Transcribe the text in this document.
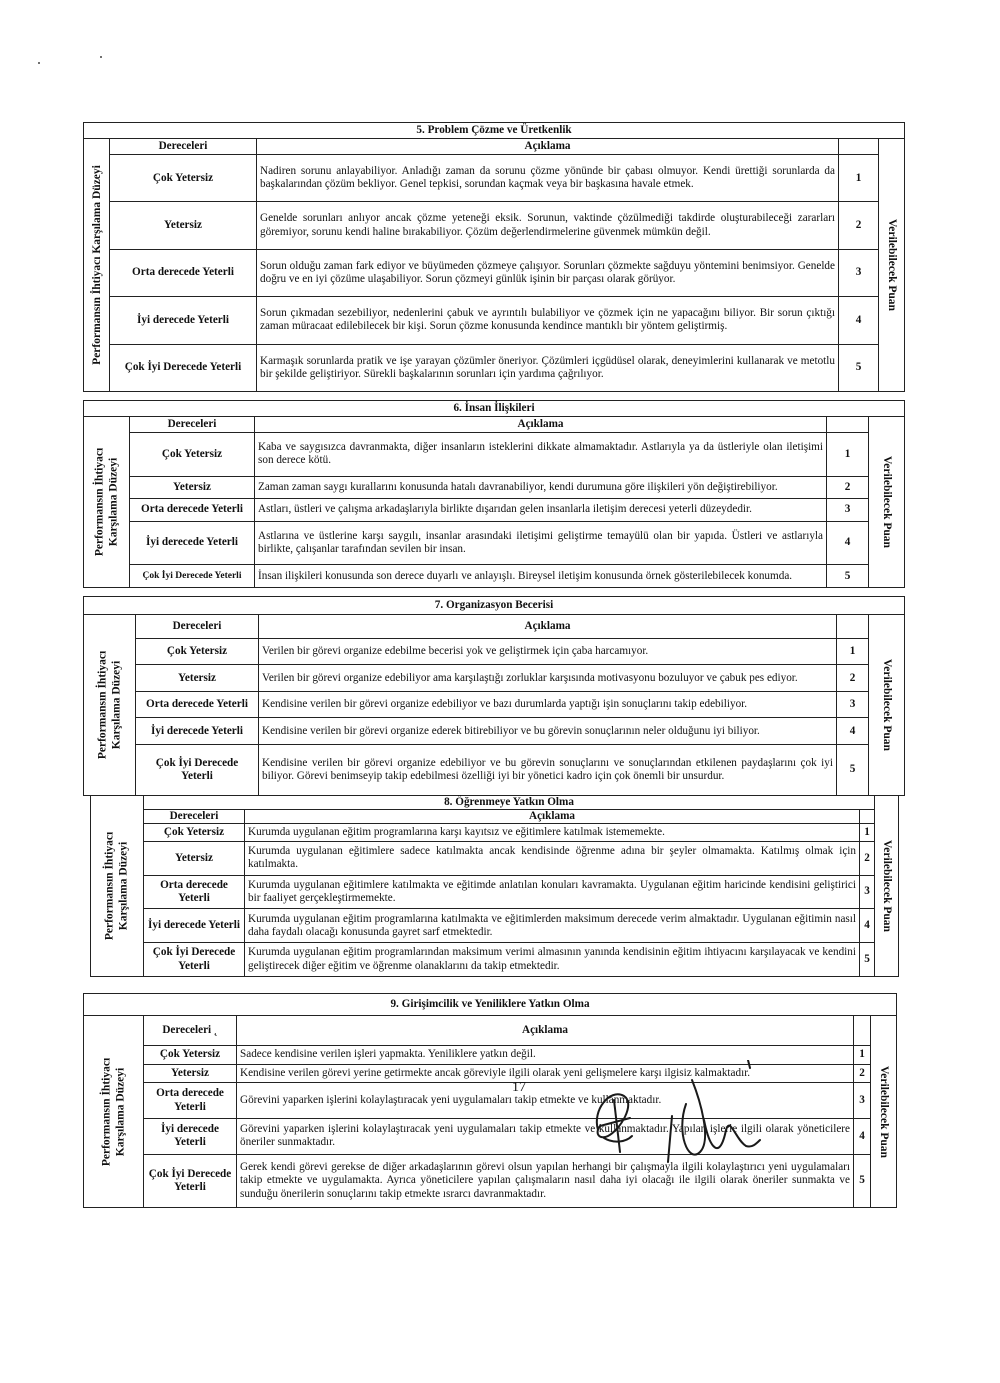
5. Problem Çözme ve Üretkenlik				

Performansın İhtiyacı Karşılama Düzeyi	Dereceleri	Açıklama		Verilebilecek Puan

	Çok Yetersiz	Nadiren sorunu anlayabiliyor. Anladığı zaman da sorunu çözme yönünde bir çabası olmuyor. Kendi ürettiği sorunlarda da başkalarından çözüm bekliyor. Genel tepkisi, sorundan kaçmak veya bir başkasına havale etmek.	1	
	Yetersiz	Genelde sorunları anlıyor ancak çözme yeteneği eksik. Sorunun, vaktinde çözülmediği takdirde oluşturabileceği zararları göremiyor, sorunu kendi haline bırakabiliyor. Çözüm değerlendirmelerine güvenmek mümkün değil.	2	
	Orta derecede Yeterli	Sorun olduğu zaman fark ediyor ve büyümeden çözmeye çalışıyor. Sorunları çözmekte sağduyu yöntemini benimsiyor. Genelde doğru ve en iyi çözüme ulaşabiliyor. Sorun çözmeyi günlük işinin bir parçası olarak görüyor.	3	
	İyi derecede Yeterli	Sorun çıkmadan sezebiliyor, nedenlerini çabuk ve ayrıntılı bulabiliyor ve çözmek için ne yapacağını biliyor. Bir sorun çıktığı zaman müracaat edilebilecek bir kişi. Sorun çözme konusunda kendince mantıklı bir yöntem geliştirmiş.	4	
	Çok İyi Derecede Yeterli	Karmaşık sorunlarda pratik ve işe yarayan çözümler öneriyor. Çözümleri içgüdüsel olarak, deneyimlerini kullanarak ve metotlu bir şekilde geliştiriyor. Sürekli başkalarının sorunları için yardıma çağrılıyor.	5	
6. İnsan İlişkileri				

Performansın İhtiyacı Karşılama Düzeyi	Dereceleri	Açıklama		Verilebilecek Puan

	Çok Yetersiz	Kaba ve saygısızca davranmakta, diğer insanların isteklerini dikkate almamaktadır. Astlarıyla ya da üstleriyle olan iletişimi son derece kötü.	1	
	Yetersiz	Zaman zaman saygı kurallarını konusunda hatalı davranabiliyor, kendi durumuna göre ilişkileri yön değiştirebiliyor.	2	
	Orta derecede Yeterli	Astları, üstleri ve çalışma arkadaşlarıyla birlikte dışarıdan gelen insanlarla iletişim derecesi yeterli düzeydedir.	3	
	İyi derecede Yeterli	Astlarına ve üstlerine karşı saygılı, insanlar arasındaki iletişimi geliştirme temayülü olan bir yapıda. Üstleri ve astlarıyla birlikte, çalışanlar tarafından sevilen bir insan.	4	
	Çok İyi Derecede Yeterli	İnsan ilişkileri konusunda son derece duyarlı ve anlayışlı. Bireysel iletişim konusunda örnek gösterilebilecek konumda.	5	
7. Organizasyon Becerisi				

Performansın İhtiyacı Karşılama Düzeyi	Dereceleri	Açıklama		Verilebilecek Puan

	Çok Yetersiz	Verilen bir görevi organize edebilme becerisi yok ve geliştirmek için çaba harcamıyor.	1	
	Yetersiz	Verilen bir görevi organize edebiliyor ama karşılaştığı zorluklar karşısında motivasyonu bozuluyor ve çabuk pes ediyor.	2	
	Orta derecede Yeterli	Kendisine verilen bir görevi organize edebiliyor ve bazı durumlarda yaptığı işin sonuçlarını takip edebiliyor.	3	
	İyi derecede Yeterli	Kendisine verilen bir görevi organize ederek bitirebiliyor ve bu görevin sonuçlarının neler olduğunu iyi biliyor.	4	
	Çok İyi Derecede Yeterli	Kendisine verilen bir görevi organize edebiliyor ve bu görevin sonuçlarını ve sonuçlarından etkilenen paydaşlarını çok iyi biliyor. Görevi benimseyip takip edebilmesi özelliği iyi bir yönetici kadro için çok önemli bir unsurdur.	5	
Performansın İhtiyacı Karşılama Düzeyi	8. Öğrenmeye Yatkın Olma			Verilebilecek Puan

	Dereceleri	Açıklama		
	Çok Yetersiz	Kurumda uygulanan eğitim programlarına karşı kayıtsız ve eğitimlere katılmak istememekte.	1	
	Yetersiz	Kurumda uygulanan eğitimlere sadece katılmakta ancak kendisinde öğrenme adına bir şeyler olmamakta. Katılmış olmak için katılmakta.	2	
	Orta derecede Yeterli	Kurumda uygulanan eğitimlere katılmakta ve eğitimde anlatılan konuları kavramakta. Uygulanan eğitim haricinde kendisini geliştirici bir faaliyet gerçekleştirmemekte.	3	
	İyi derecede Yeterli	Kurumda uygulanan eğitim programlarına katılmakta ve eğitimlerden maksimum derecede verim almaktadır. Uygulanan eğitimin nasıl daha faydalı olacağı konusunda gayret sarf etmektedir.	4	
	Çok İyi Derecede Yeterli	Kurumda uygulanan eğitim programlarından maksimum verimi almasının yanında kendisinin eğitim ihtiyacını karşılayacak ve kendini geliştirecek diğer eğitim ve öğrenme olanaklarını da takip etmektedir.	5	
9. Girişimcilik ve Yeniliklere Yatkın Olma				

Performansın İhtiyacı Karşılama Düzeyi	Dereceleri ˛	Açıklama		Verilebilecek Puan

	Çok Yetersiz	Sadece kendisine verilen işleri yapmakta. Yeniliklere yatkın değil.	1	
	Yetersiz	Kendisine verilen görevi yerine getirmekte ancak göreviyle ilgili olarak yeni gelişmelere karşı ilgisiz kalmaktadır.	2	
	Orta derecede Yeterli	Görevini yaparken işlerini kolaylaştıracak yeni uygulamaları takip etmekte ve kullanmaktadır.	3	
	İyi derecede Yeterli	Görevini yaparken işlerini kolaylaştıracak yeni uygulamaları takip etmekte ve kullanmaktadır. Yapılan işlerle ilgili olarak yöneticilere öneriler sunmaktadır.	4	
	Çok İyi Derecede Yeterli	Gerek kendi görevi gerekse de diğer arkadaşlarının görevi olsun yapılan herhangi bir çalışmayla ilgili kolaylaştırıcı yeni uygulamaları takip etmekte ve uygulamakta. Ayrıca yöneticilere yapılan çalışmaların nasıl daha iyi olacağı ile ilgili olarak öneriler sunmakta ve sunduğu önerilerin sonuçlarını takip etmekte ısrarcı davranmaktadır.	5	
17
